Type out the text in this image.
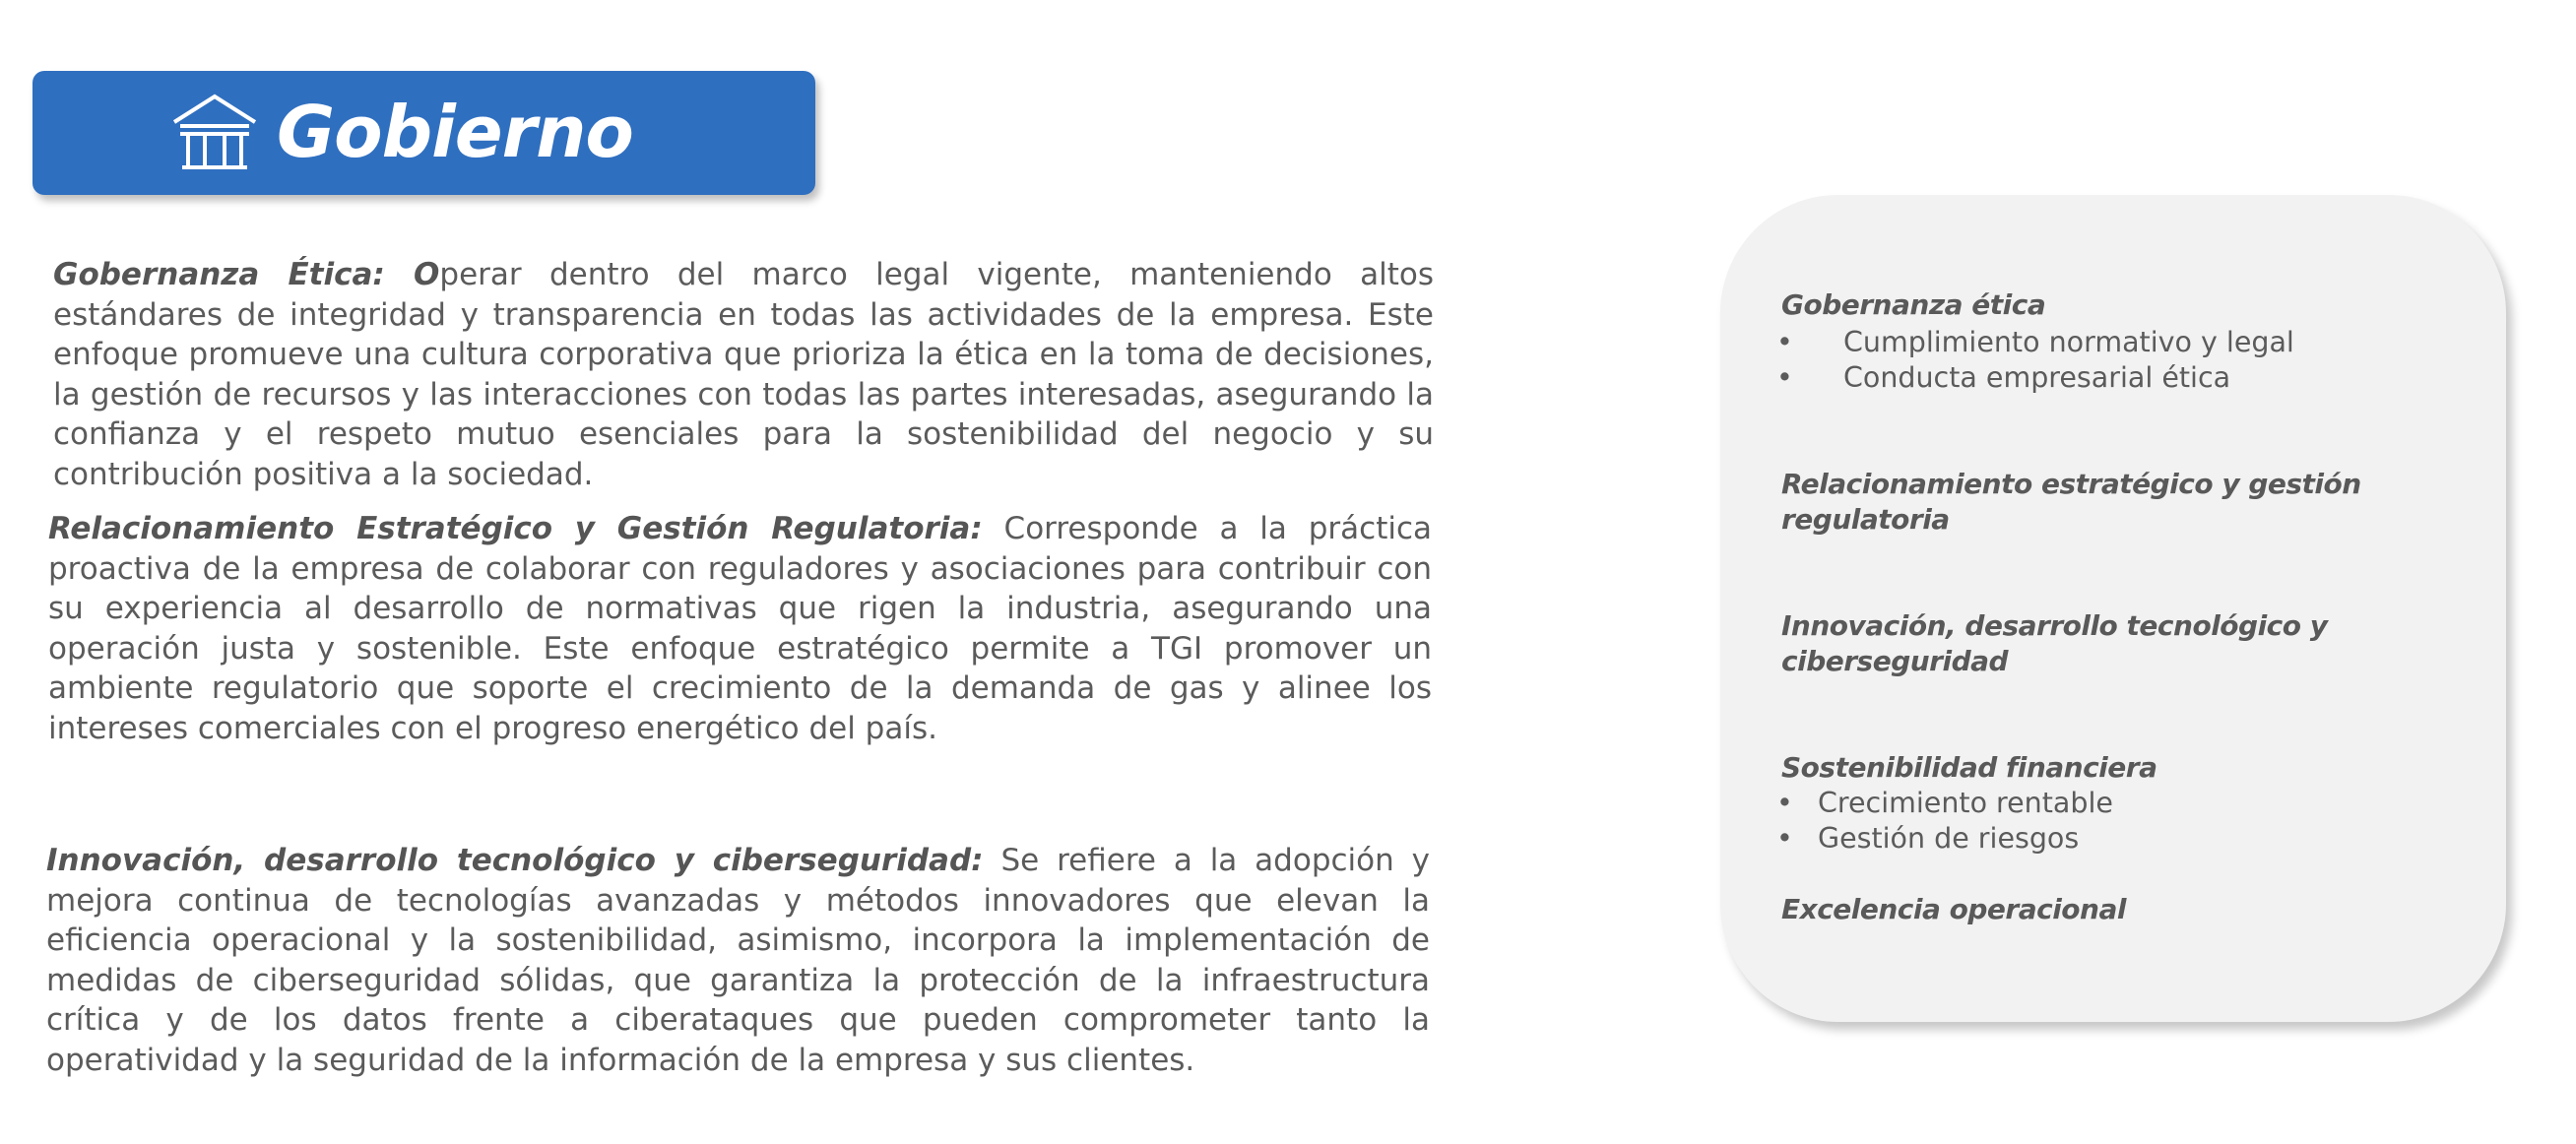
Gobierno

Gobernanza Ética: Operar dentro del marco legal vigente, manteniendo altos estándares de integridad y transparencia en todas las actividades de la empresa. Este enfoque promueve una cultura corporativa que prioriza la ética en la toma de decisiones, la gestión de recursos y las interacciones con todas las partes interesadas, asegurando la confianza y el respeto mutuo esenciales para la sostenibilidad del negocio y su contribución positiva a la sociedad.

Relacionamiento Estratégico y Gestión Regulatoria: Corresponde a la práctica proactiva de la empresa de colaborar con reguladores y asociaciones para contribuir con su experiencia al desarrollo de normativas que rigen la industria, asegurando una operación justa y sostenible. Este enfoque estratégico permite a TGI promover un ambiente regulatorio que soporte el crecimiento de la demanda de gas y alinee los intereses comerciales con el progreso energético del país.

Innovación, desarrollo tecnológico y ciberseguridad: Se refiere a la adopción y mejora continua de tecnologías avanzadas y métodos innovadores que elevan la eficiencia operacional y la sostenibilidad, asimismo, incorpora la implementación de medidas de ciberseguridad sólidas, que garantiza la protección de la infraestructura crítica y de los datos frente a ciberataques que pueden comprometer tanto la operatividad y la seguridad de la información de la empresa y sus clientes.

Gobernanza ética
• Cumplimiento normativo y legal
• Conducta empresarial ética
Relacionamiento estratégico y gestión regulatoria
Innovación, desarrollo tecnológico y ciberseguridad
Sostenibilidad financiera
• Crecimiento rentable
• Gestión de riesgos
Excelencia operacional
